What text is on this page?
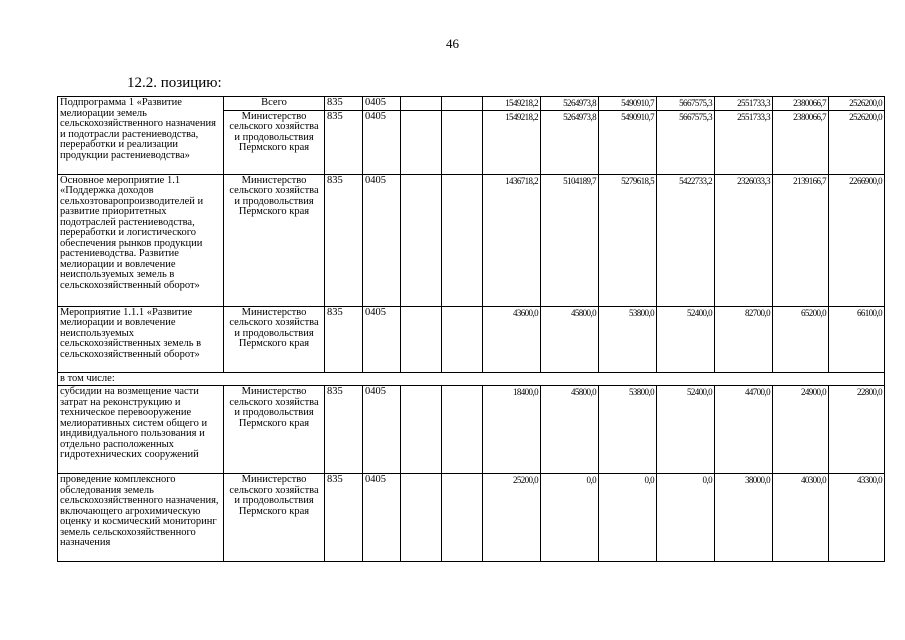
46
12.2. позицию:
Подпрограмма 1 «Развитие мелиорации земель сельскохозяйственного назначения и подотрасли растениеводства, переработки и реализации продукции растениеводства»	Всего	835	0405			1549218,2	5264973,8	5490910,7	5667575,3	2551733,3	2380066,7	2526200,0
	Министерство сельского хозяйства и продовольствия Пермского края	835	0405			1549218,2	5264973,8	5490910,7	5667575,3	2551733,3	2380066,7	2526200,0
Основное мероприятие 1.1 «Поддержка доходов сельхозтоваропроизводителей и развитие приоритетных подотраслей растениеводства, переработки и логистического обеспечения рынков продукции растениеводства. Развитие мелиорации и вовлечение неиспользуемых земель в сельскохозяйственный оборот»	Министерство сельского хозяйства и продовольствия Пермского края	835	0405			1436718,2	5104189,7	5279618,5	5422733,2	2326033,3	2139166,7	2266900,0
Мероприятие 1.1.1 «Развитие мелиорации и вовлечение неиспользуемых сельскохозяйственных земель в сельскохозяйственный оборот»	Министерство сельского хозяйства и продовольствия Пермского края	835	0405			43600,0	45800,0	53800,0	52400,0	82700,0	65200,0	66100,0
в том числе:												
субсидии на возмещение части затрат на реконструкцию и техническое перевооружение мелиоративных систем общего и индивидуального пользования и отдельно расположенных гидротехнических сооружений	Министерство сельского хозяйства и продовольствия Пермского края	835	0405			18400,0	45800,0	53800,0	52400,0	44700,0	24900,0	22800,0
проведение комплексного обследования земель сельскохозяйственного назначения, включающего агрохимическую оценку и космический мониторинг земель сельскохозяйственного назначения	Министерство сельского хозяйства и продовольствия Пермского края	835	0405			25200,0	0,0	0,0	0,0	38000,0	40300,0	43300,0
